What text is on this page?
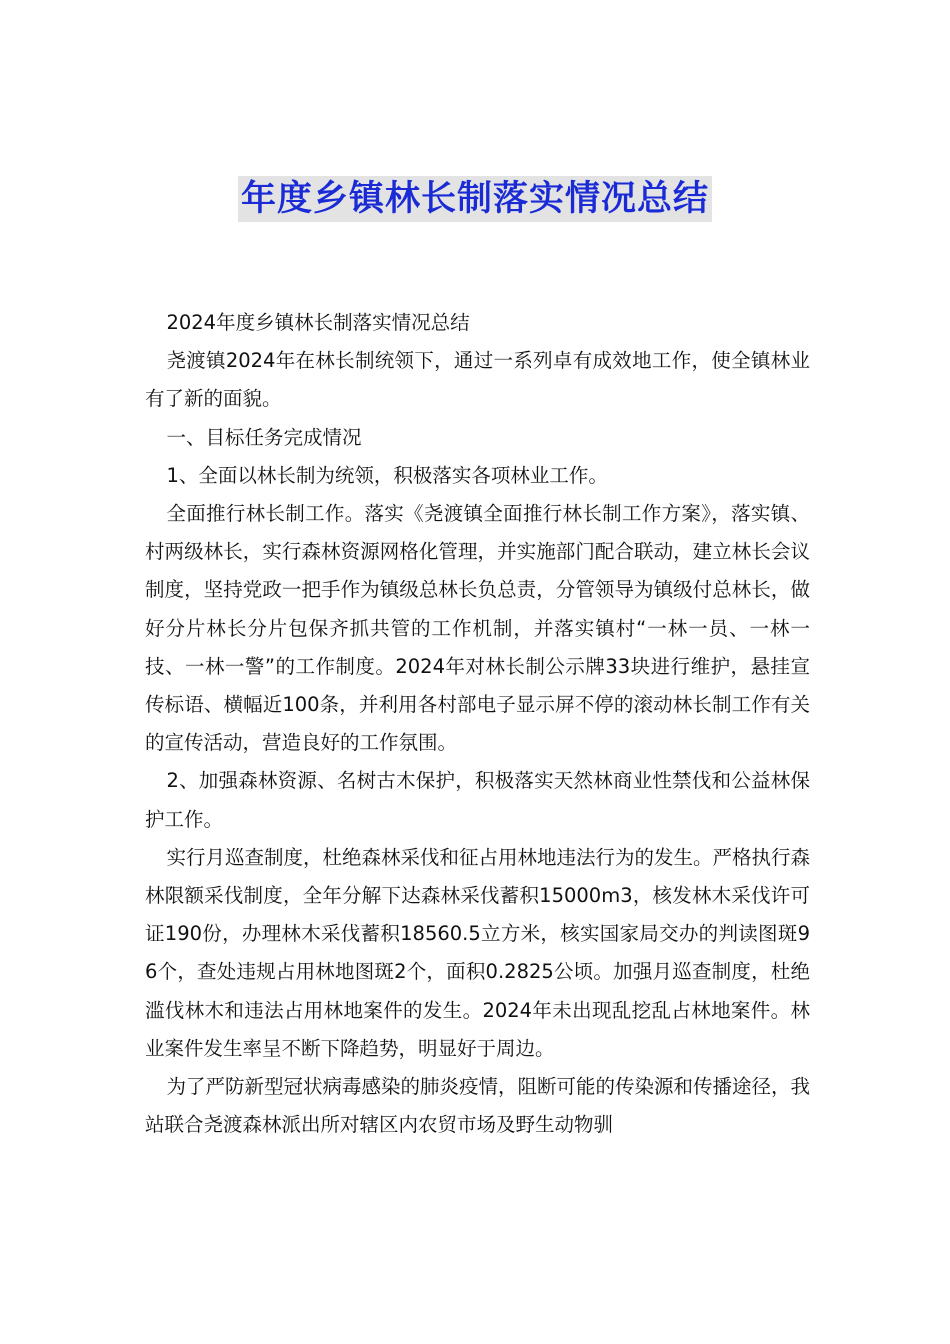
年度乡镇林长制落实情况总结

2024年度乡镇林长制落实情况总结

尧渡镇2024年在林长制统领下，通过一系列卓有成效地工作，使全镇林业有了新的面貌。

一、目标任务完成情况

1、全面以林长制为统领，积极落实各项林业工作。

全面推行林长制工作。落实《尧渡镇全面推行林长制工作方案》，落实镇、村两级林长，实行森林资源网格化管理，并实施部门配合联动，建立林长会议制度，坚持党政一把手作为镇级总林长负总责，分管领导为镇级付总林长，做好分片林长分片包保齐抓共管的工作机制，并落实镇村“一林一员、一林一技、一林一警”的工作制度。2024年对林长制公示牌33块进行维护，悬挂宣传标语、横幅近100条，并利用各村部电子显示屏不停的滚动林长制工作有关的宣传活动，营造良好的工作氛围。

2、加强森林资源、名树古木保护，积极落实天然林商业性禁伐和公益林保护工作。

实行月巡查制度，杜绝森林采伐和征占用林地违法行为的发生。严格执行森林限额采伐制度，全年分解下达森林采伐蓄积15000m3，核发林木采伐许可证190份，办理林木采伐蓄积18560.5立方米，核实国家局交办的判读图斑96个，查处违规占用林地图斑2个，面积0.2825公顷。加强月巡查制度，杜绝滥伐林木和违法占用林地案件的发生。2024年未出现乱挖乱占林地案件。林业案件发生率呈不断下降趋势，明显好于周边。

为了严防新型冠状病毒感染的肺炎疫情，阻断可能的传染源和传播途径，我站联合尧渡森林派出所对辖区内农贸市场及野生动物驯
